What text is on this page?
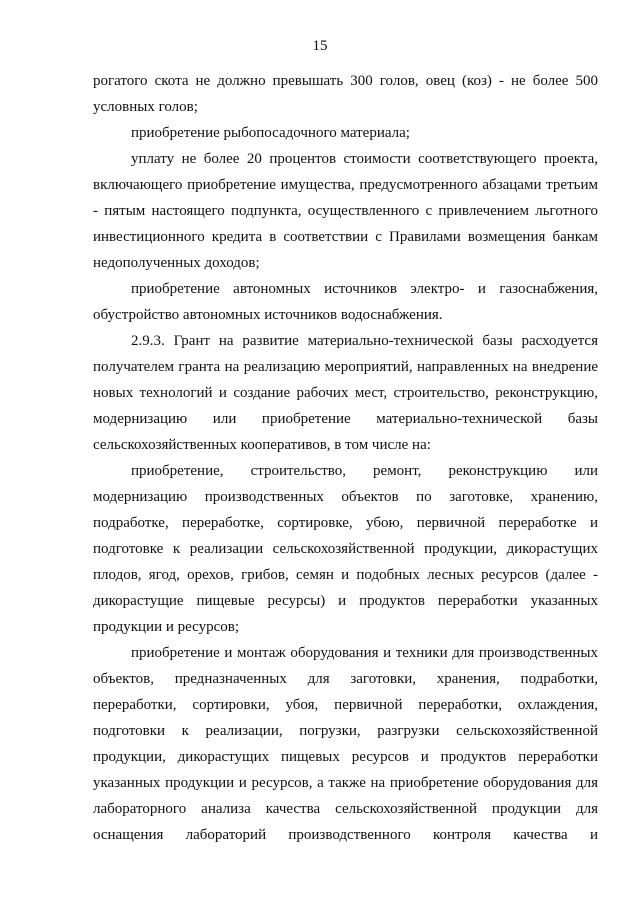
15

рогатого скота не должно превышать 300 голов, овец (коз) - не более 500 условных голов;

приобретение рыбопосадочного материала;

уплату не более 20 процентов стоимости соответствующего проекта, включающего приобретение имущества, предусмотренного абзацами третьим - пятым настоящего подпункта, осуществленного с привлечением льготного инвестиционного кредита в соответствии с Правилами возмещения банкам недополученных доходов;

приобретение автономных источников электро- и газоснабжения, обустройство автономных источников водоснабжения.

2.9.3. Грант на развитие материально-технической базы расходуется получателем гранта на реализацию мероприятий, направленных на внедрение новых технологий и создание рабочих мест, строительство, реконструкцию, модернизацию или приобретение материально-технической базы сельскохозяйственных кооперативов, в том числе на:

приобретение, строительство, ремонт, реконструкцию или модернизацию производственных объектов по заготовке, хранению, подработке, переработке, сортировке, убою, первичной переработке и подготовке к реализации сельскохозяйственной продукции, дикорастущих плодов, ягод, орехов, грибов, семян и подобных лесных ресурсов (далее - дикорастущие пищевые ресурсы) и продуктов переработки указанных продукции и ресурсов;

приобретение и монтаж оборудования и техники для производственных объектов, предназначенных для заготовки, хранения, подработки, переработки, сортировки, убоя, первичной переработки, охлаждения, подготовки к реализации, погрузки, разгрузки сельскохозяйственной продукции, дикорастущих пищевых ресурсов и продуктов переработки указанных продукции и ресурсов, а также на приобретение оборудования для лабораторного анализа качества сельскохозяйственной продукции для оснащения лабораторий производственного контроля качества и
